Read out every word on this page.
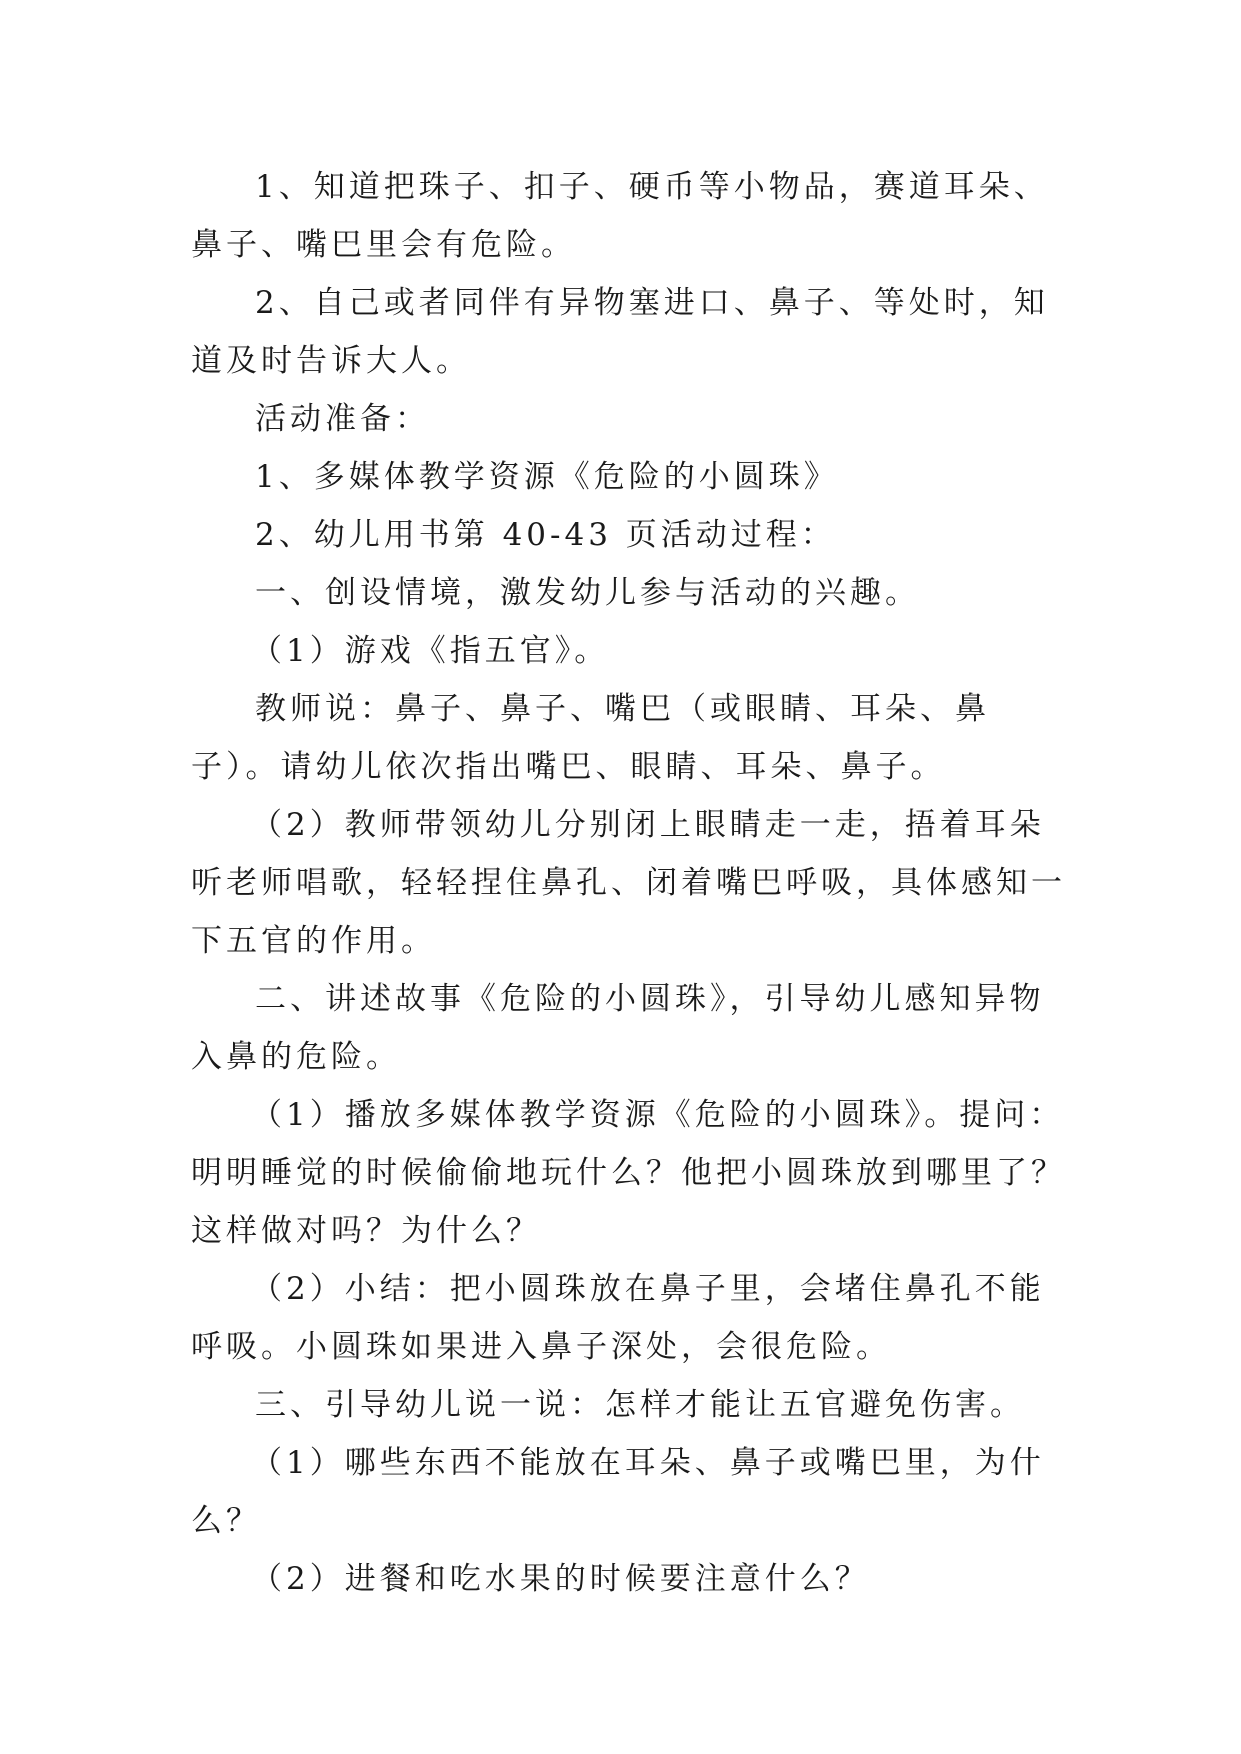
1、知道把珠子、扣子、硬币等小物品，赛道耳朵、鼻子、嘴巴里会有危险。

2、自己或者同伴有异物塞进口、鼻子、等处时，知道及时告诉大人。

活动准备：

1、多媒体教学资源《危险的小圆珠》

2、幼儿用书第 40-43 页活动过程：

一、创设情境，激发幼儿参与活动的兴趣。

（1）游戏《指五官》。

教师说：鼻子、鼻子、嘴巴（或眼睛、耳朵、鼻子）。请幼儿依次指出嘴巴、眼睛、耳朵、鼻子。

（2）教师带领幼儿分别闭上眼睛走一走，捂着耳朵听老师唱歌，轻轻捏住鼻孔、闭着嘴巴呼吸，具体感知一下五官的作用。

二、讲述故事《危险的小圆珠》，引导幼儿感知异物入鼻的危险。

（1）播放多媒体教学资源《危险的小圆珠》。提问：明明睡觉的时候偷偷地玩什么？他把小圆珠放到哪里了？这样做对吗？为什么？

（2）小结：把小圆珠放在鼻子里，会堵住鼻孔不能呼吸。小圆珠如果进入鼻子深处，会很危险。

三、引导幼儿说一说：怎样才能让五官避免伤害。

（1）哪些东西不能放在耳朵、鼻子或嘴巴里，为什么？

（2）进餐和吃水果的时候要注意什么？
